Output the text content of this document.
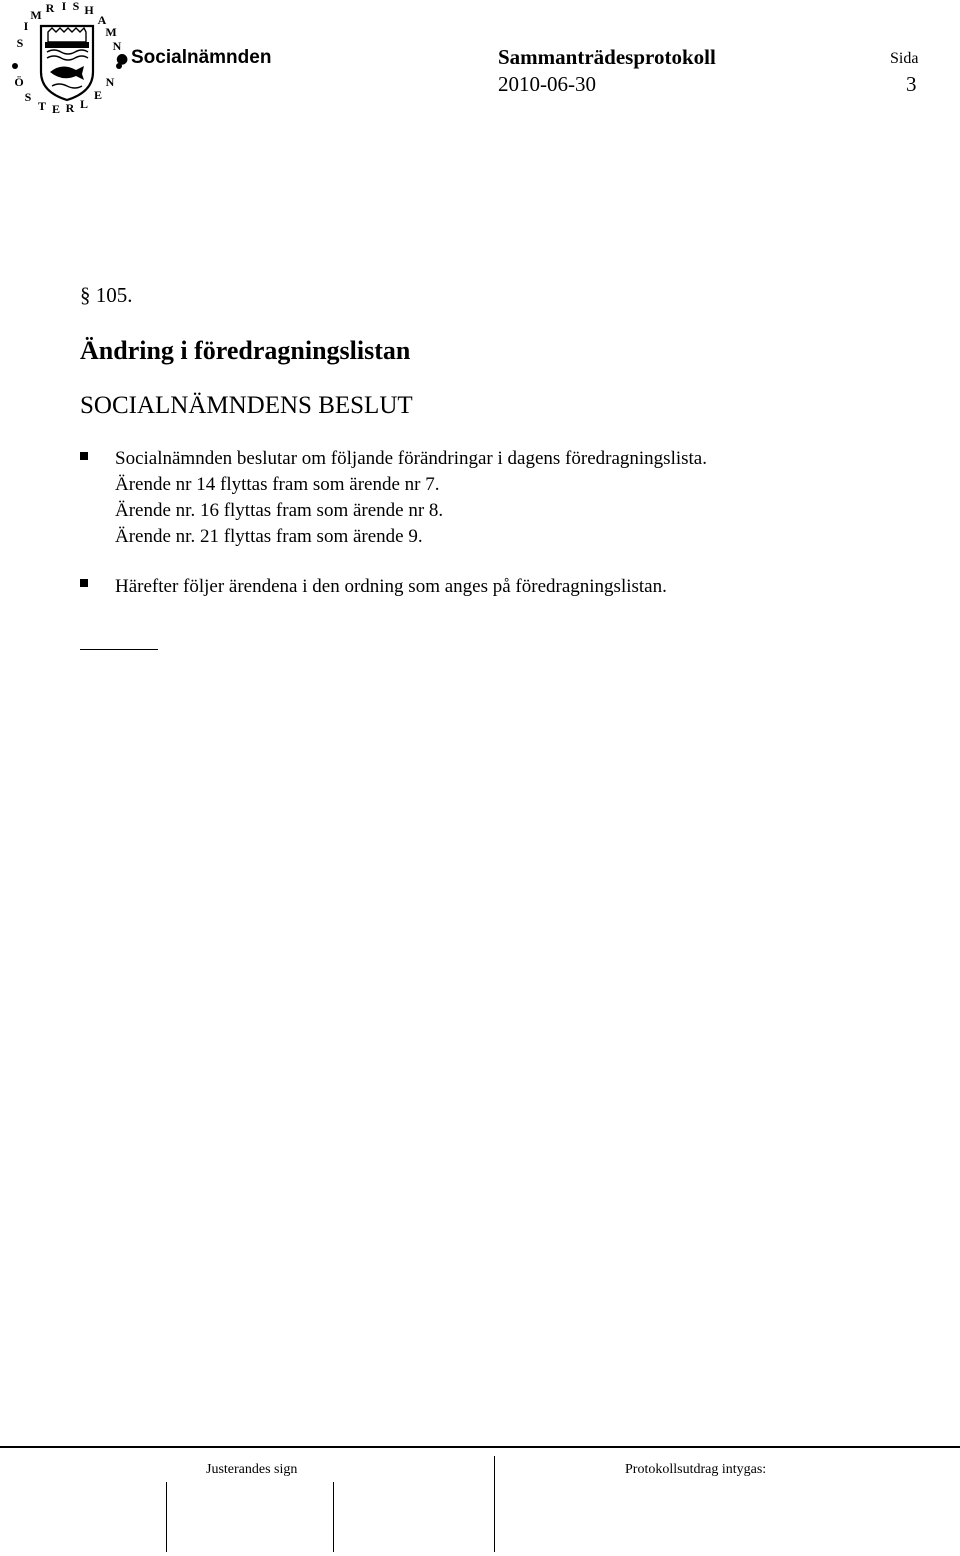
S
I
M R I S H
A
M
N
Ö
S
T E R L
E
N
● Socialnämnden	Sammanträdesprotokoll
2010-06-30
Sida
3
§ 105.
Ändring i föredragningslistan
SOCIALNÄMNDENS BESLUT
Socialnämnden beslutar om följande förändringar i dagens föredragningslista.
Ärende nr 14 flyttas fram som ärende nr 7.
Ärende nr. 16 flyttas fram som ärende nr 8.
Ärende nr. 21 flyttas fram som ärende 9.
Härefter följer ärendena i den ordning som anges på föredragningslistan.
Justerandes sign	Protokollsutdrag intygas:
